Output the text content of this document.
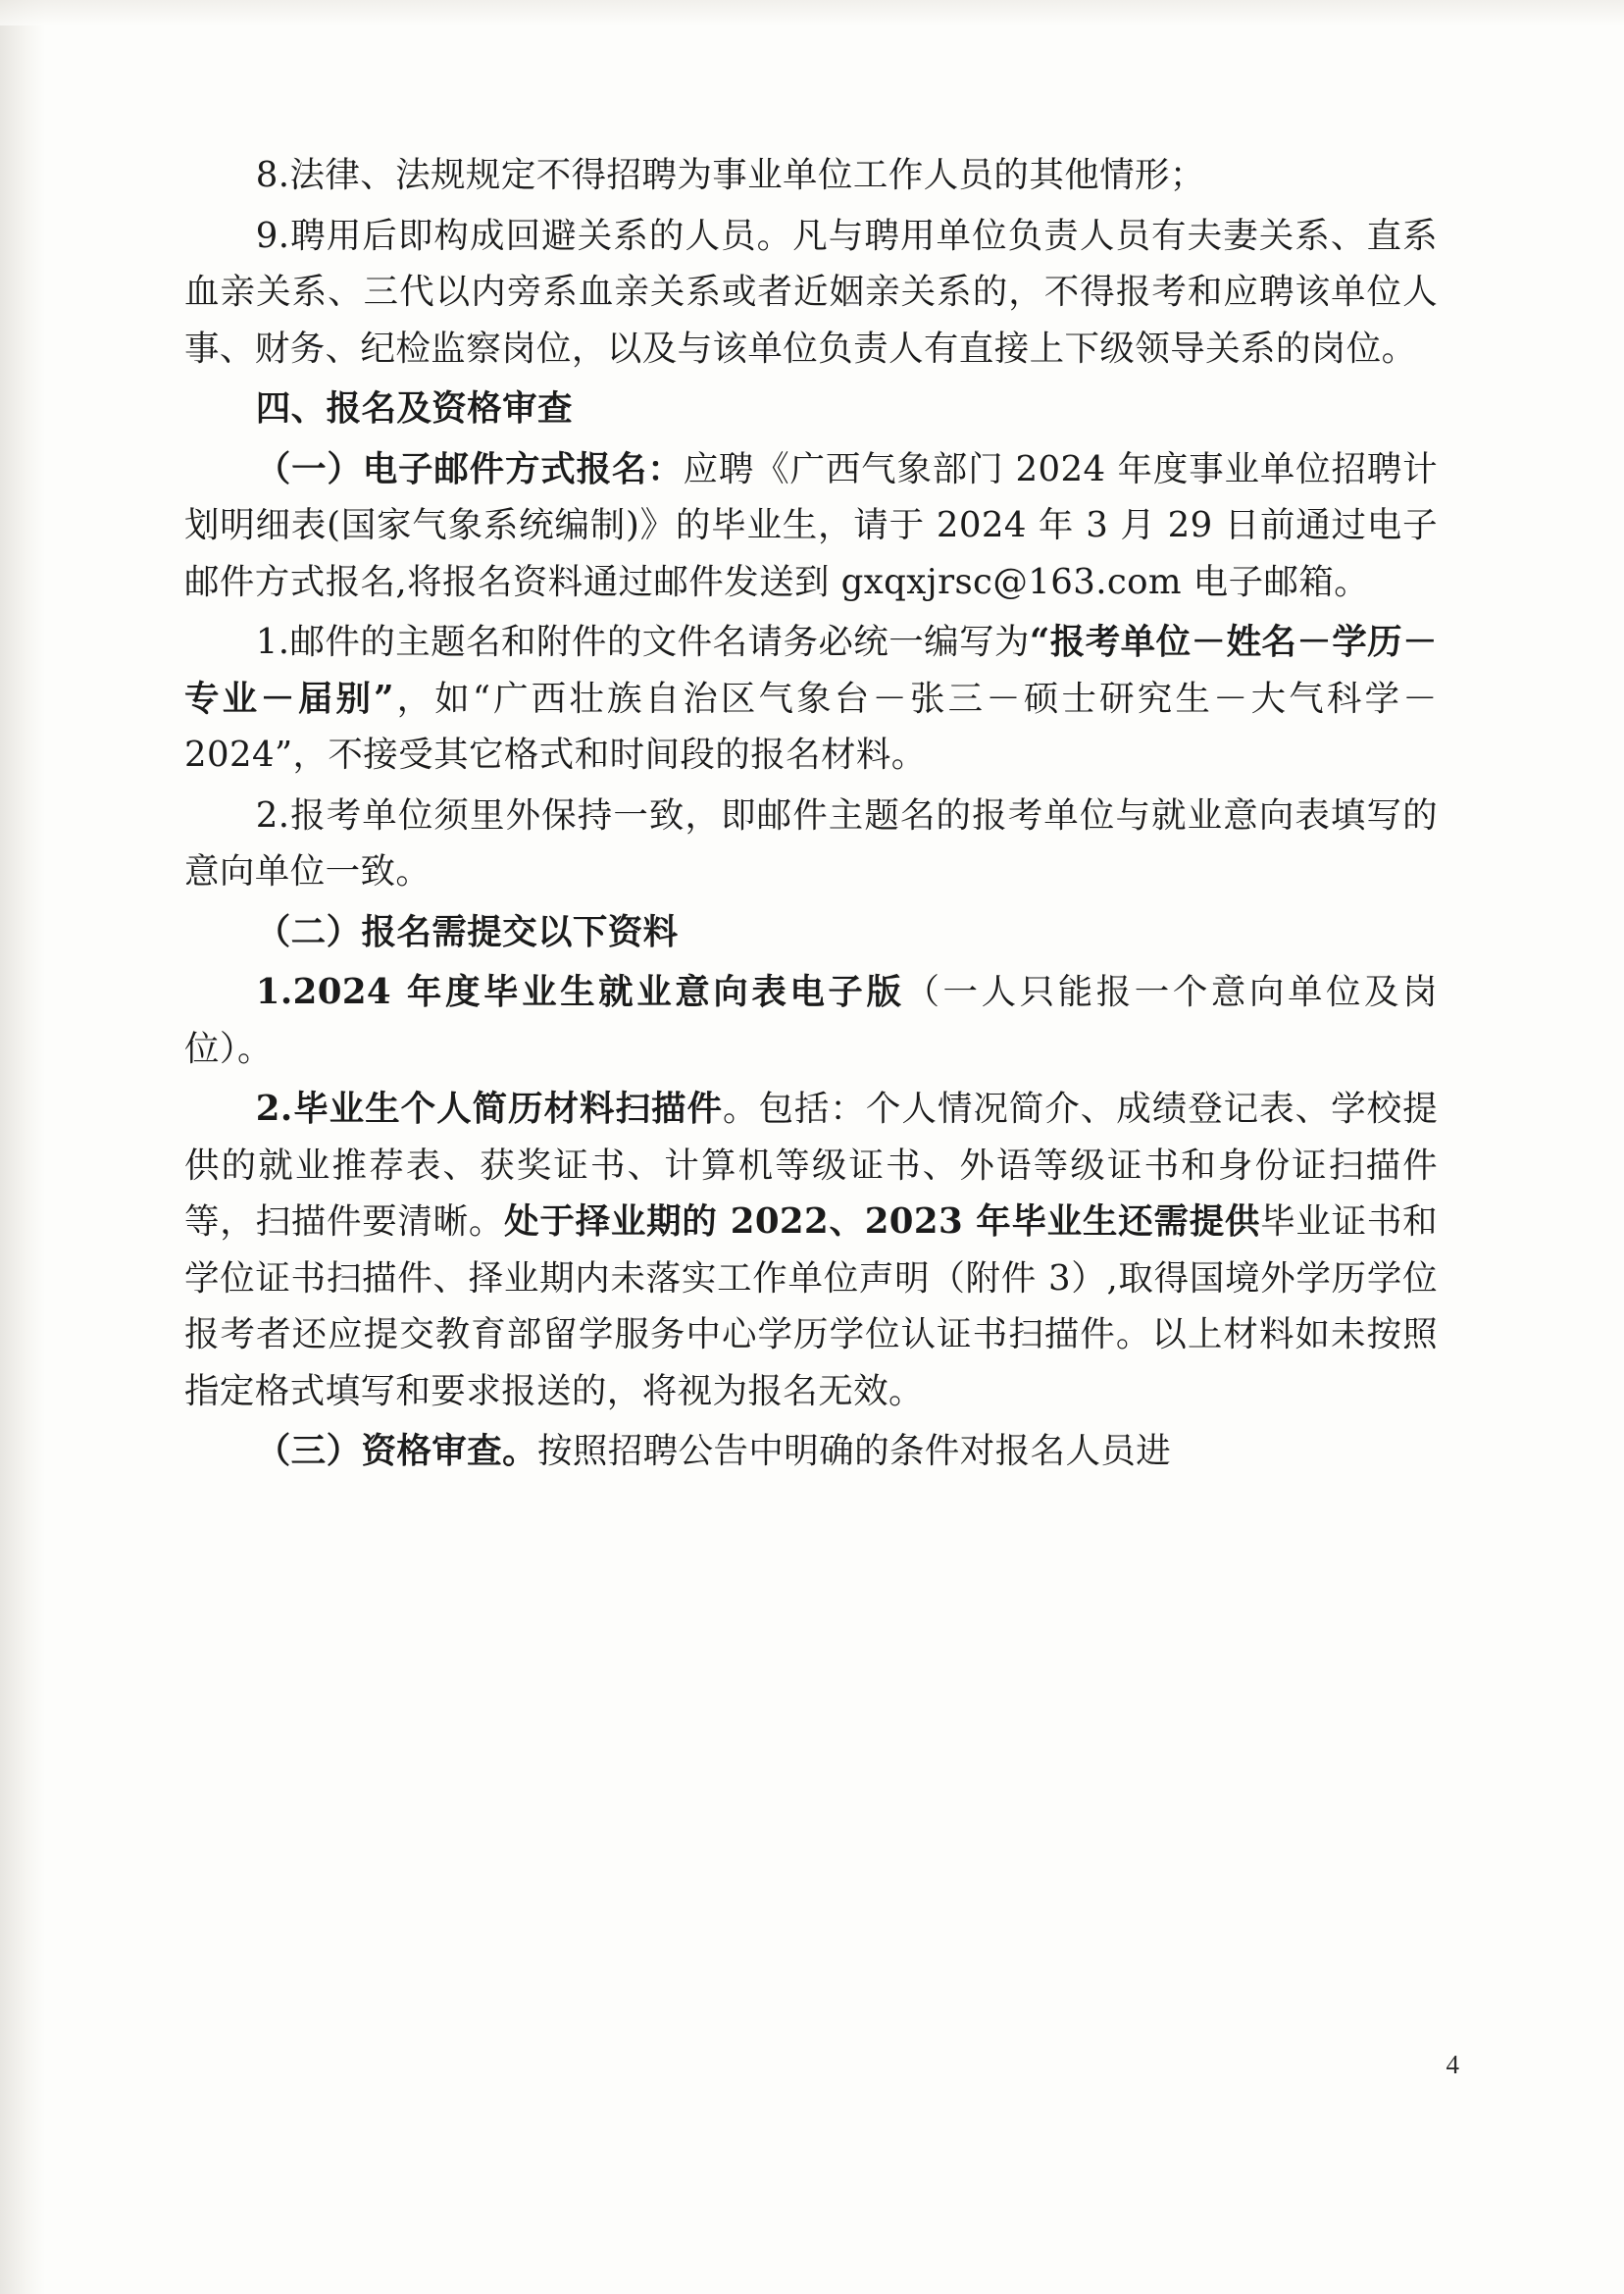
8.法律、法规规定不得招聘为事业单位工作人员的其他情形；

9.聘用后即构成回避关系的人员。凡与聘用单位负责人员有夫妻关系、直系血亲关系、三代以内旁系血亲关系或者近姻亲关系的，不得报考和应聘该单位人事、财务、纪检监察岗位，以及与该单位负责人有直接上下级领导关系的岗位。

四、报名及资格审查

（一）电子邮件方式报名：应聘《广西气象部门 2024 年度事业单位招聘计划明细表(国家气象系统编制)》的毕业生，请于 2024 年 3 月 29 日前通过电子邮件方式报名,将报名资料通过邮件发送到 gxqxjrsc@163.com 电子邮箱。

1.邮件的主题名和附件的文件名请务必统一编写为“报考单位－姓名－学历－专业－届别”，如“广西壮族自治区气象台－张三－硕士研究生－大气科学－2024”，不接受其它格式和时间段的报名材料。

2.报考单位须里外保持一致，即邮件主题名的报考单位与就业意向表填写的意向单位一致。

（二）报名需提交以下资料

1.2024 年度毕业生就业意向表电子版（一人只能报一个意向单位及岗位）。

2.毕业生个人简历材料扫描件。包括：个人情况简介、成绩登记表、学校提供的就业推荐表、获奖证书、计算机等级证书、外语等级证书和身份证扫描件等，扫描件要清晰。处于择业期的 2022、2023 年毕业生还需提供毕业证书和学位证书扫描件、择业期内未落实工作单位声明（附件 3）,取得国境外学历学位报考者还应提交教育部留学服务中心学历学位认证书扫描件。以上材料如未按照指定格式填写和要求报送的，将视为报名无效。

（三）资格审查。按照招聘公告中明确的条件对报名人员进

4
